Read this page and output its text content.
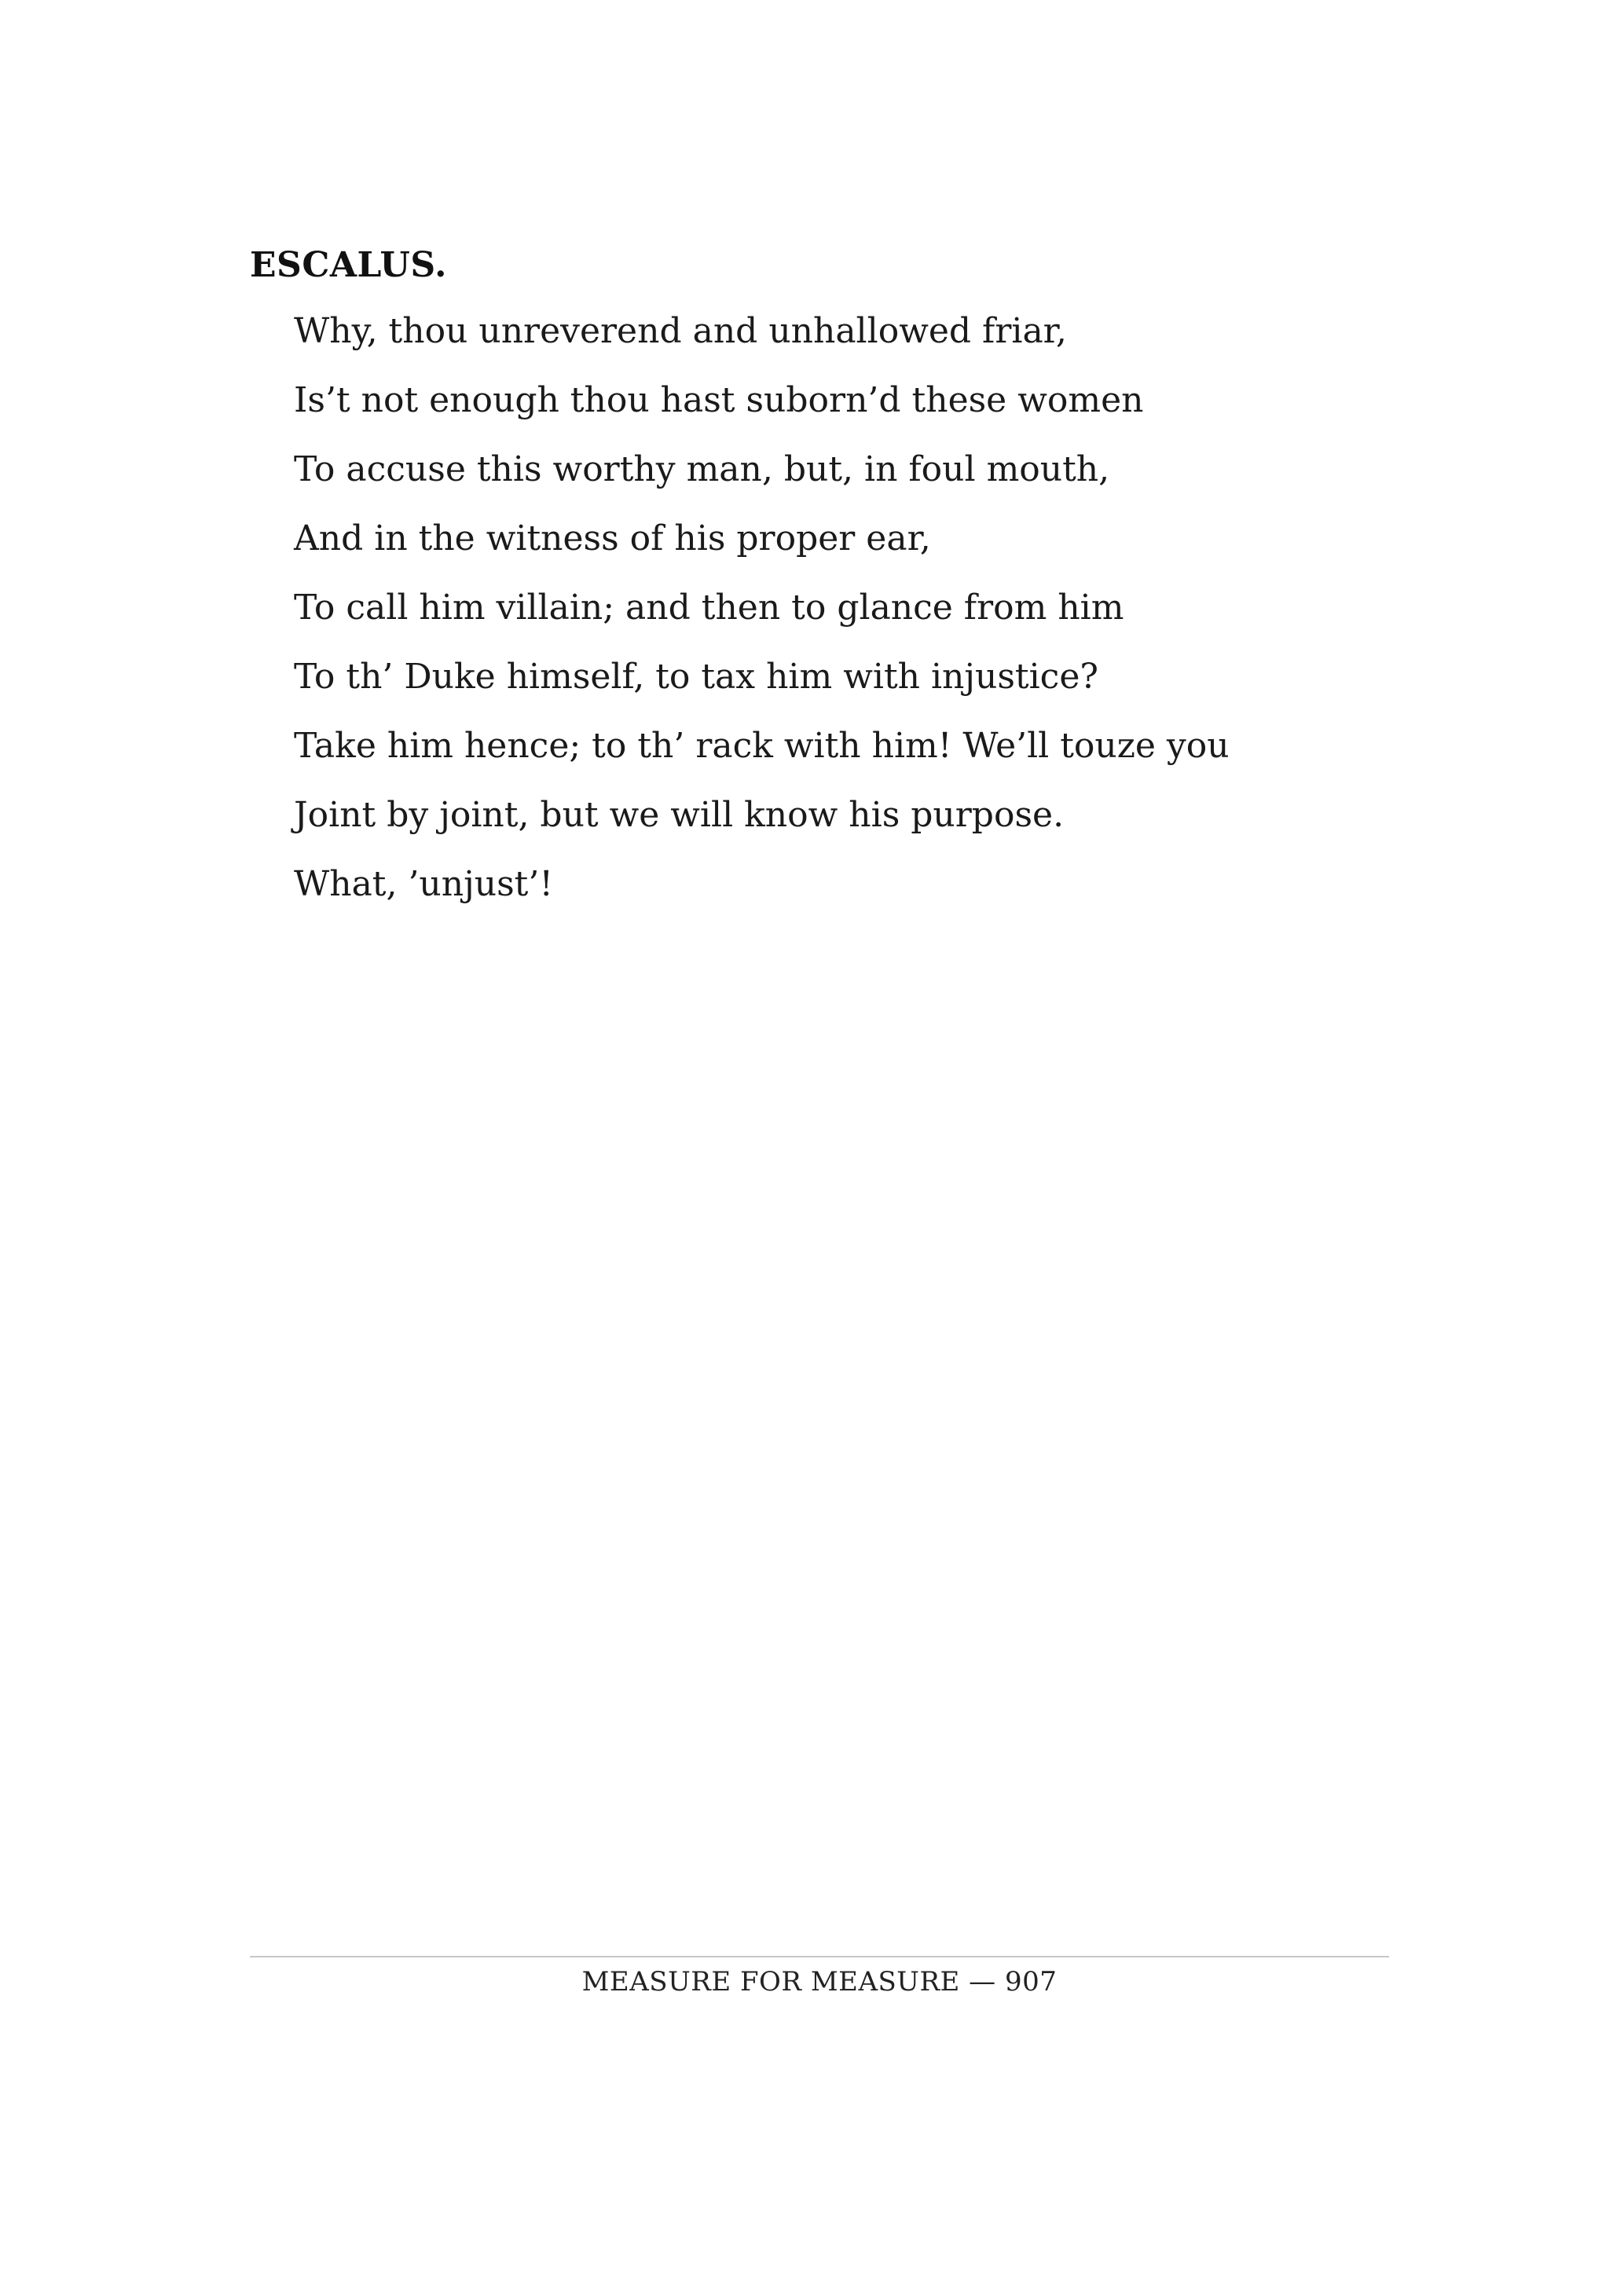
ESCALUS.
Why, thou unreverend and unhallowed friar,
Is’t not enough thou hast suborn’d these women
To accuse this worthy man, but, in foul mouth,
And in the witness of his proper ear,
To call him villain; and then to glance from him
To th’ Duke himself, to tax him with injustice?
Take him hence; to th’ rack with him! We’ll touze you
Joint by joint, but we will know his purpose.
What, ’unjust’!
MEASURE FOR MEASURE — 907
